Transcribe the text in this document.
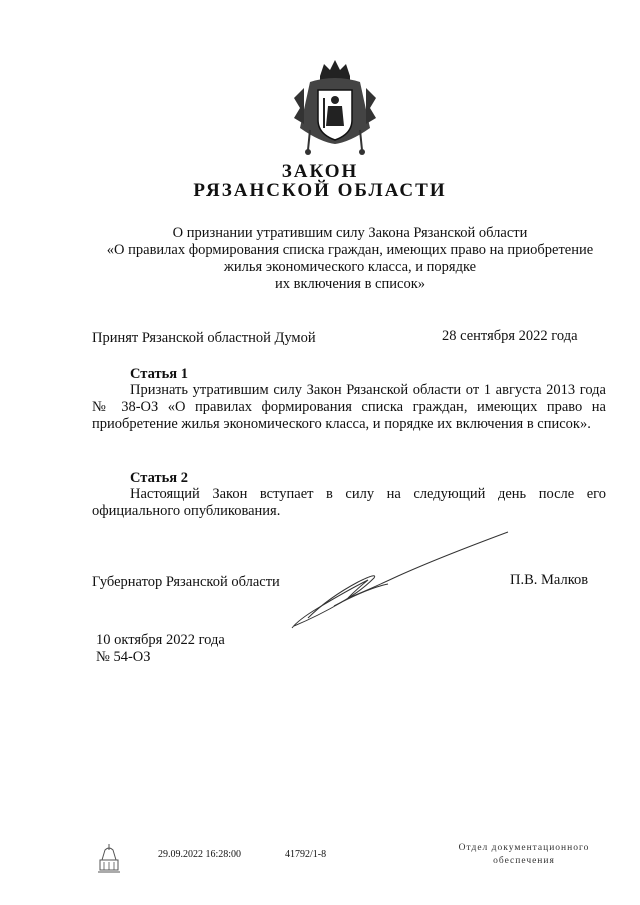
ЗАКОН
РЯЗАНСКОЙ ОБЛАСТИ
О признании утратившим силу Закона Рязанской области
«О правилах формирования списка граждан, имеющих право на приобретение
жилья экономического класса, и порядке
их включения в список»
Принят Рязанской областной Думой	28 сентября 2022 года
Статья 1
Признать утратившим силу Закон Рязанской области от 1 августа 2013 года № 38-ОЗ «О правилах формирования списка граждан, имеющих право на приобретение жилья экономического класса, и порядке их включения в список».
Статья 2
Настоящий Закон вступает в силу на следующий день после его официального опубликования.
Губернатор Рязанской области	П.В. Малков
10 октября 2022 года
№ 54-ОЗ
29.09.2022 16:28:00	41792/1-8
Отдел документационного
обеспечения
